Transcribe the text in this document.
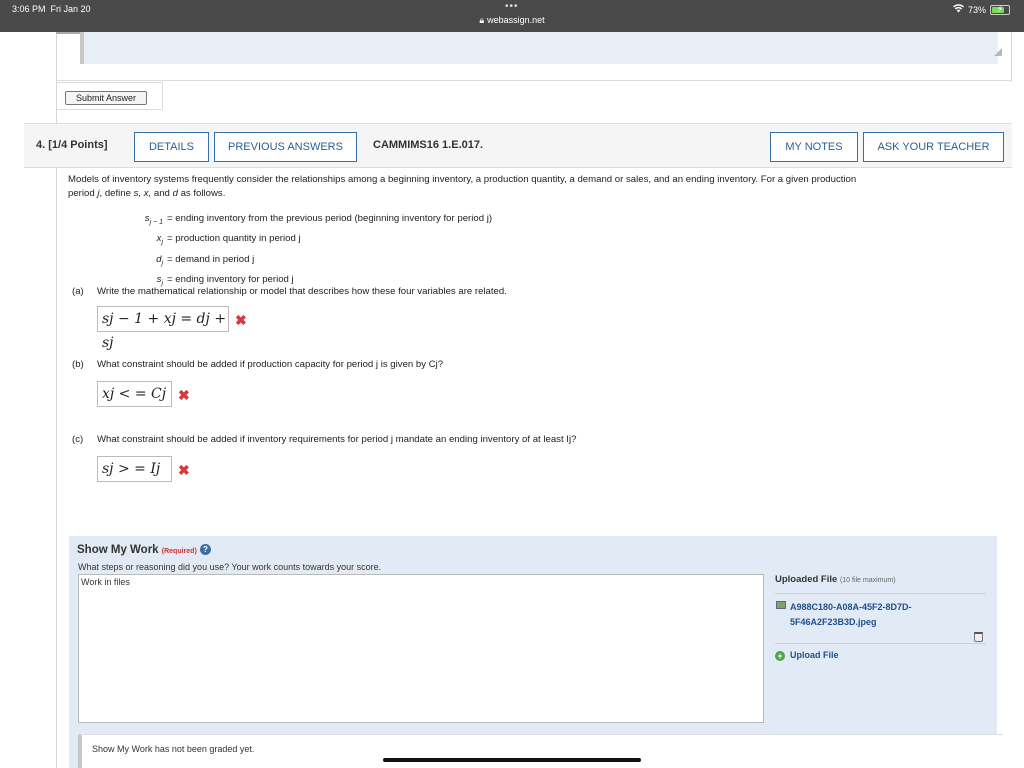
3:06 PM Fri Jan 20	•••
🔒︎ webassign.net
73%	⚡︎
Submit Answer
4. [1/4 Points]	DETAILS	PREVIOUS ANSWERS	CAMMIMS16 1.E.017.	MY NOTES	ASK YOUR TEACHER
Models of inventory systems frequently consider the relationships among a beginning inventory, a production quantity, a demand or sales, and an ending inventory. For a given production
period j, define s, x, and d as follows.
$s_{j - 1}$ = ending inventory from the previous period (beginning inventory for period j)
$x_j$ = production quantity in period j
$d_j$ = demand in period j
$s_j$ = ending inventory for period j
(a) Write the mathematical relationship or model that describes how these four variables are related.
sj − 1 + xj = dj + sj
✖
(b) What constraint should be added if production capacity for period j is given by Cj?
xj < = Cj ✖
(c) What constraint should be added if inventory requirements for period j mandate an ending inventory of at least Ij?
sj > = Ij	✖
Show My Work (Required) ?
What steps or reasoning did you use? Your work counts towards your score.
Work in files	Uploaded File (10 file maximum)
A988C180-A08A-45F2-8D7D-5F46A2F23B3D.jpeg
+ Upload File
Show My Work has not been graded yet.
